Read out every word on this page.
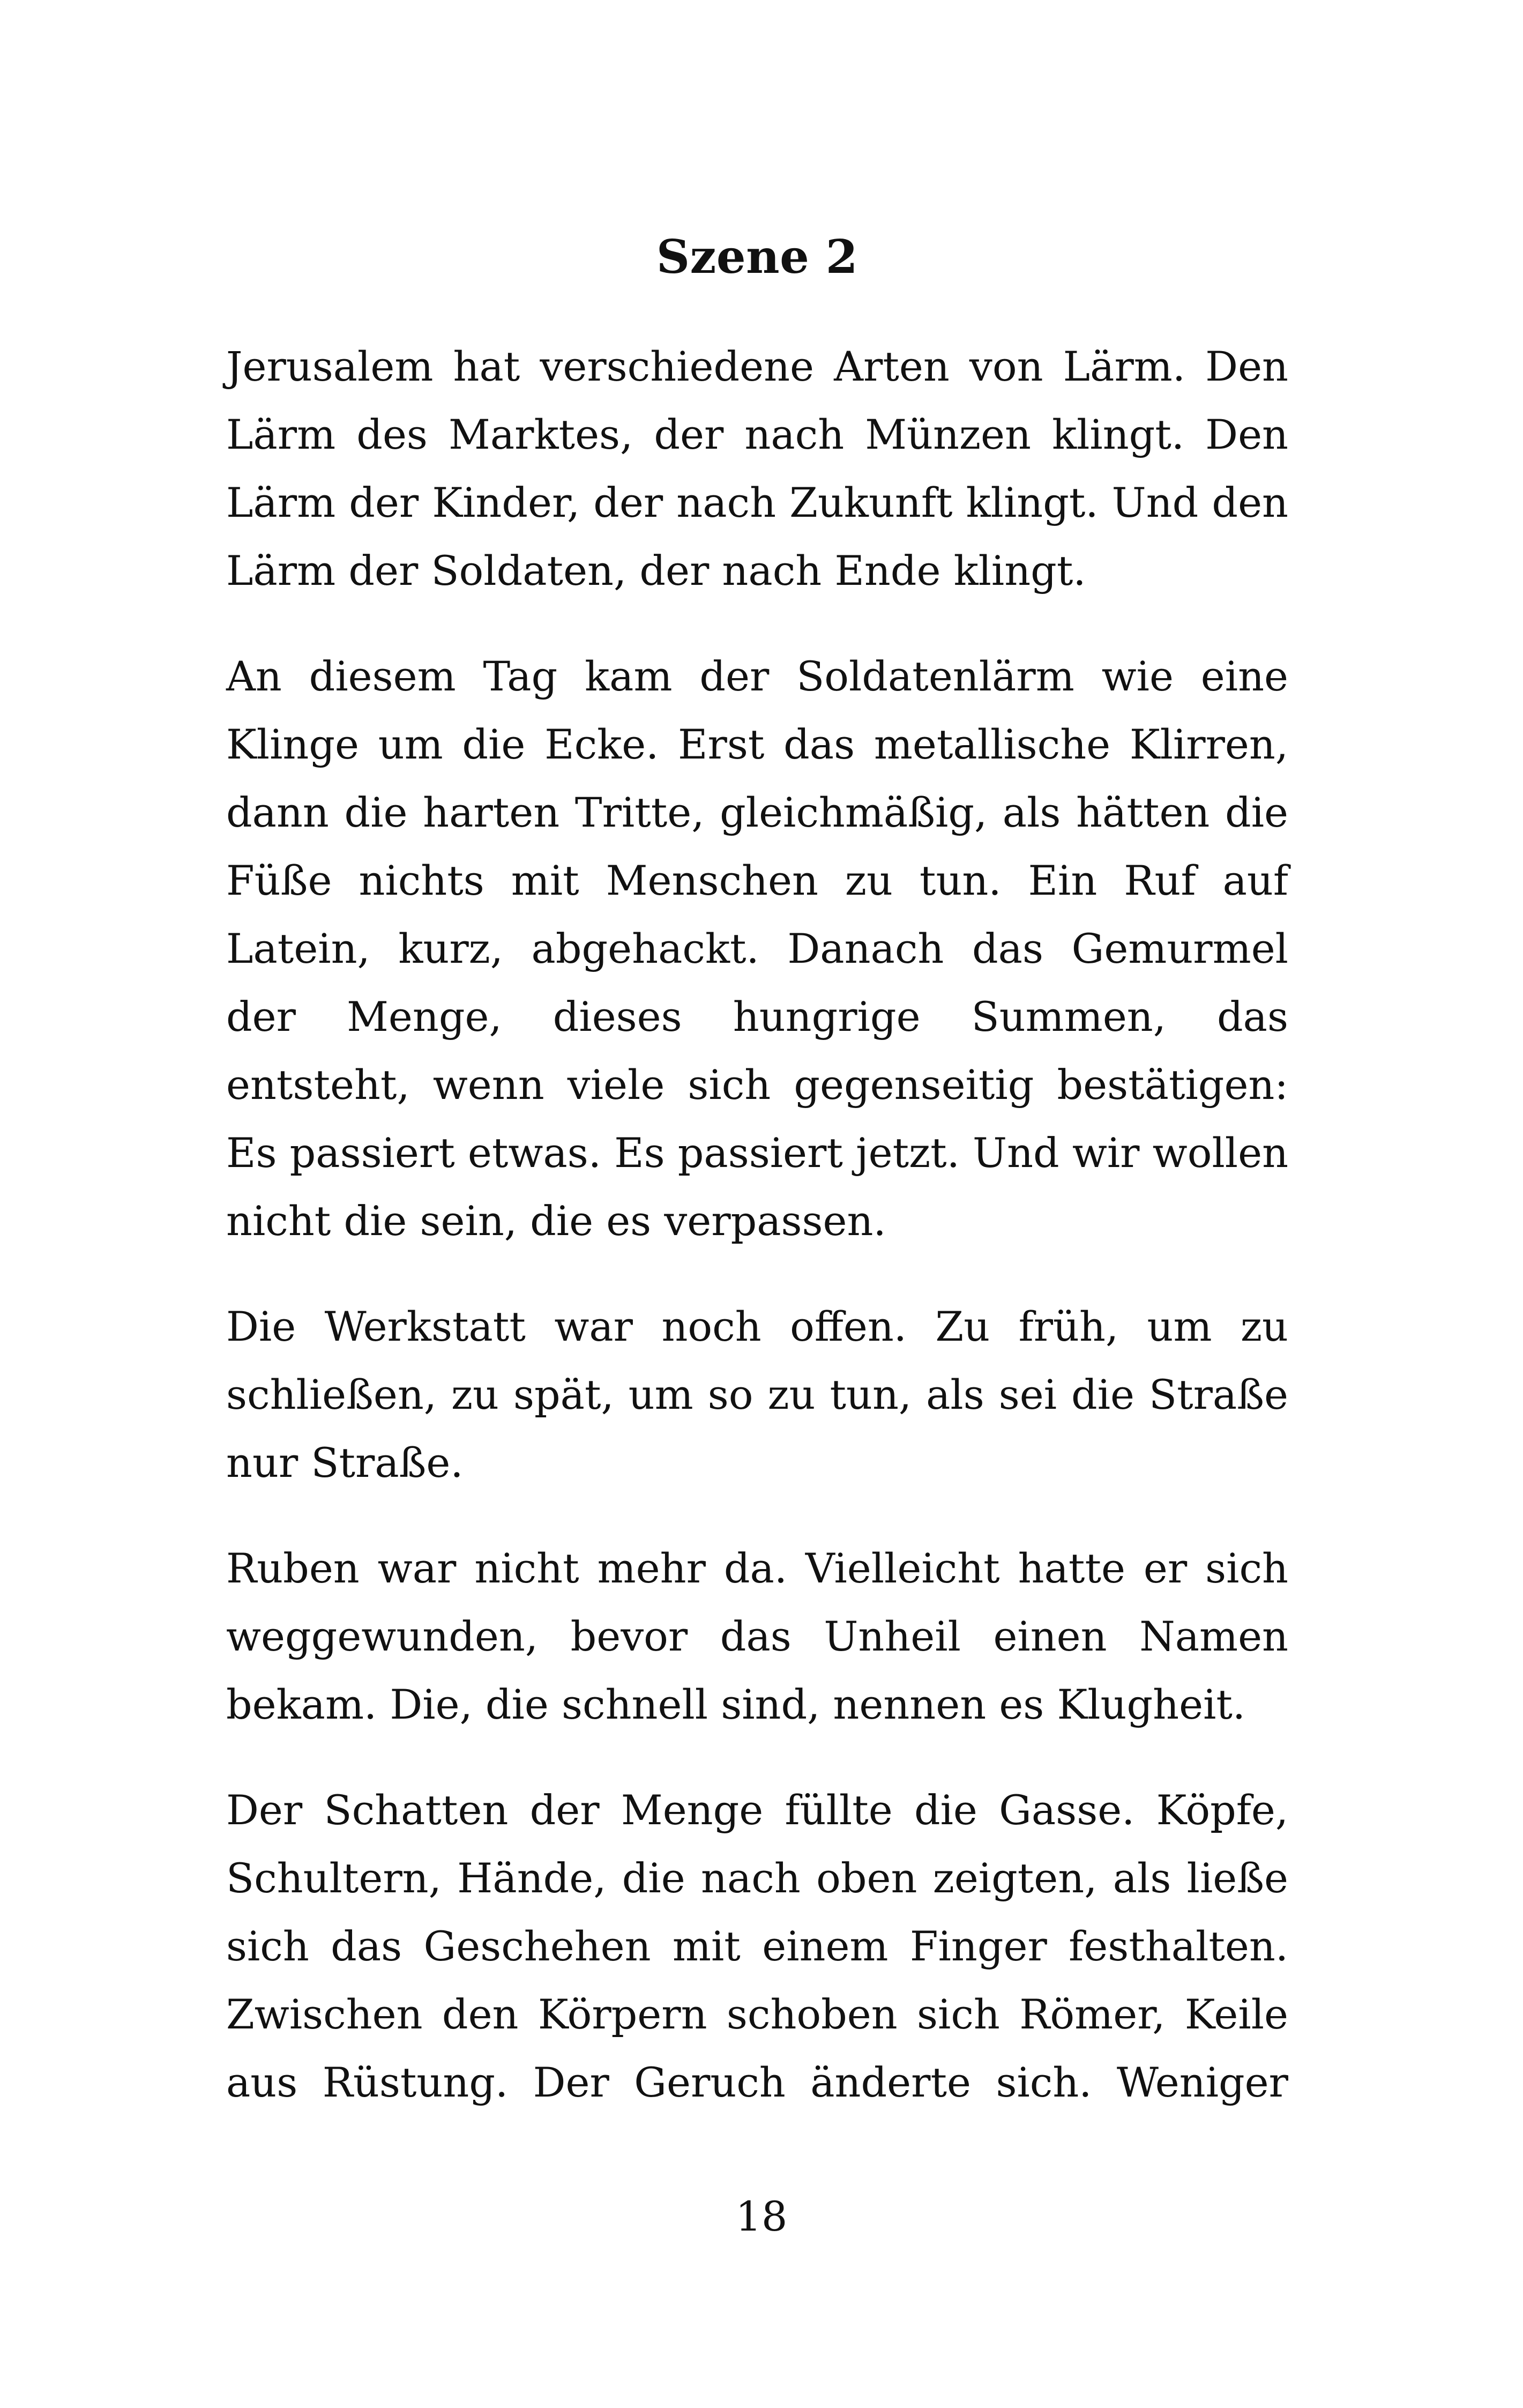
Szene 2

Jerusalem hat verschiedene Arten von Lärm. Den Lärm des Marktes, der nach Münzen klingt. Den Lärm der Kinder, der nach Zukunft klingt. Und den Lärm der Soldaten, der nach Ende klingt.

An diesem Tag kam der Soldatenlärm wie eine Klinge um die Ecke. Erst das metallische Klirren, dann die harten Tritte, gleichmäßig, als hätten die Füße nichts mit Menschen zu tun. Ein Ruf auf Latein, kurz, abgehackt. Danach das Gemurmel der Menge, dieses hungrige Summen, das entsteht, wenn viele sich gegenseitig bestätigen: Es passiert etwas. Es passiert jetzt. Und wir wollen nicht die sein, die es verpassen.

Die Werkstatt war noch offen. Zu früh, um zu schließen, zu spät, um so zu tun, als sei die Straße nur Straße.

Ruben war nicht mehr da. Vielleicht hatte er sich weggewunden, bevor das Unheil einen Namen bekam. Die, die schnell sind, nennen es Klugheit.

Der Schatten der Menge füllte die Gasse. Köpfe, Schultern, Hände, die nach oben zeigten, als ließe sich das Geschehen mit einem Finger festhalten. Zwischen den Körpern schoben sich Römer, Keile aus Rüstung. Der Geruch änderte sich. Weniger

18
